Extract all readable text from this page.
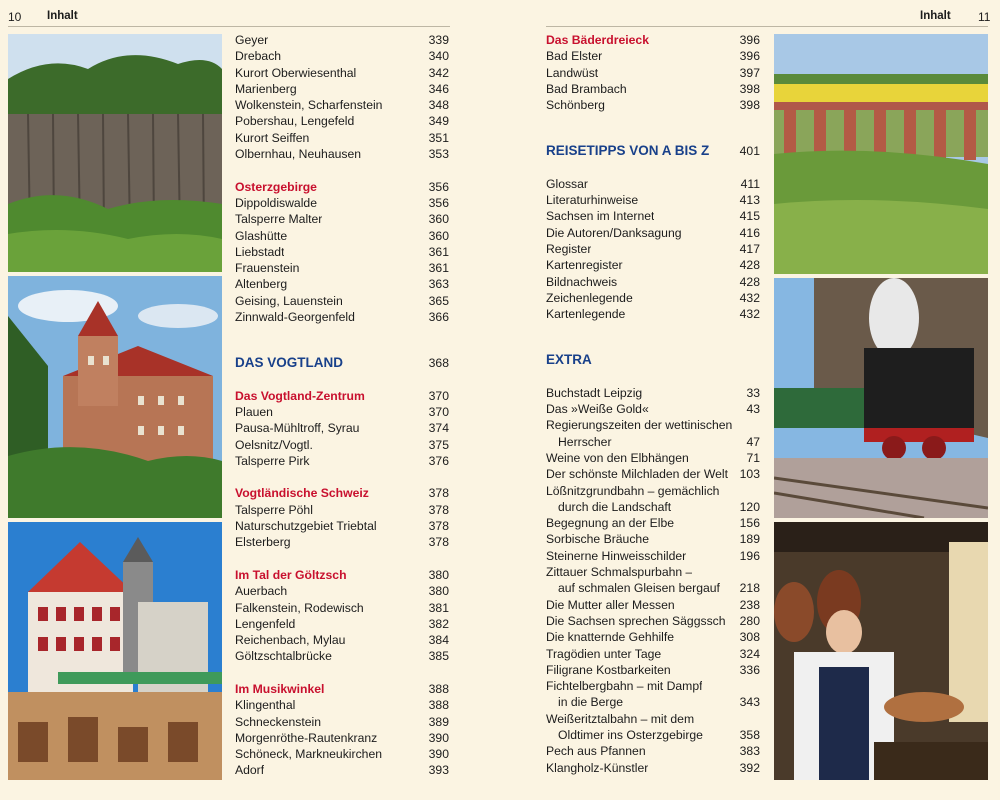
10 Inhalt	Inhalt 11
Geyer	339
Drebach	340
Kurort Oberwiesenthal	342
Marienberg	346
Wolkenstein, Scharfenstein	348
Pobershau, Lengefeld	349
Kurort Seiffen	351
Olbernhau, Neuhausen	353
Osterzgebirge	356
Dippoldiswalde	356
Talsperre Malter	360
Glashütte	360
Liebstadt	361
Frauenstein	361
Altenberg	363
Geising, Lauenstein	365
Zinnwald-Georgenfeld	366
DAS VOGTLAND	368
Das Vogtland-Zentrum	370
Plauen	370
Pausa-Mühltroff, Syrau	374
Oelsnitz/Vogtl.	375
Talsperre Pirk	376
Vogtländische Schweiz	378
Talsperre Pöhl	378
Naturschutzgebiet Triebtal	378
Elsterberg	378
Im Tal der Göltzsch	380
Auerbach	380
Falkenstein, Rodewisch	381
Lengenfeld	382
Reichenbach, Mylau	384
Göltzschtalbrücke	385
Im Musikwinkel	388
Klingenthal	388
Schneckenstein	389
Morgenröthe-Rautenkranz	390
Schöneck, Markneukirchen	390
Adorf	393
Das Bäderdreieck	396
Bad Elster	396
Landwüst	397
Bad Brambach	398
Schönberg	398
REISETIPPS VON A BIS Z 401
Glossar	411
Literaturhinweise	413
Sachsen im Internet	415
Die Autoren/Danksagung	416
Register	417
Kartenregister	428
Bildnachweis	428
Zeichenlegende	432
Kartenlegende	432
EXTRA
Buchstadt Leipzig	33
Das »Weiße Gold«	43
Regierungszeiten der wettinischen
Herrscher	47
Weine von den Elbhängen	71
Der schönste Milchladen der Welt 103
Lößnitzgrundbahn – gemächlich
durch die Landschaft	120
Begegnung an der Elbe	156
Sorbische Bräuche	189
Steinerne Hinweisschilder	196
Zittauer Schmalspurbahn –
auf schmalen Gleisen bergauf 218
Die Mutter aller Messen	238
Die Sachsen sprechen Säggssch 280
Die knatternde Gehhilfe	308
Tragödien unter Tage	324
Filigrane Kostbarkeiten	336
Fichtelbergbahn – mit Dampf
in die Berge	343
Weißeritztalbahn – mit dem
Oldtimer ins Osterzgebirge	358
Pech aus Pfannen	383
Klangholz-Künstler	392
